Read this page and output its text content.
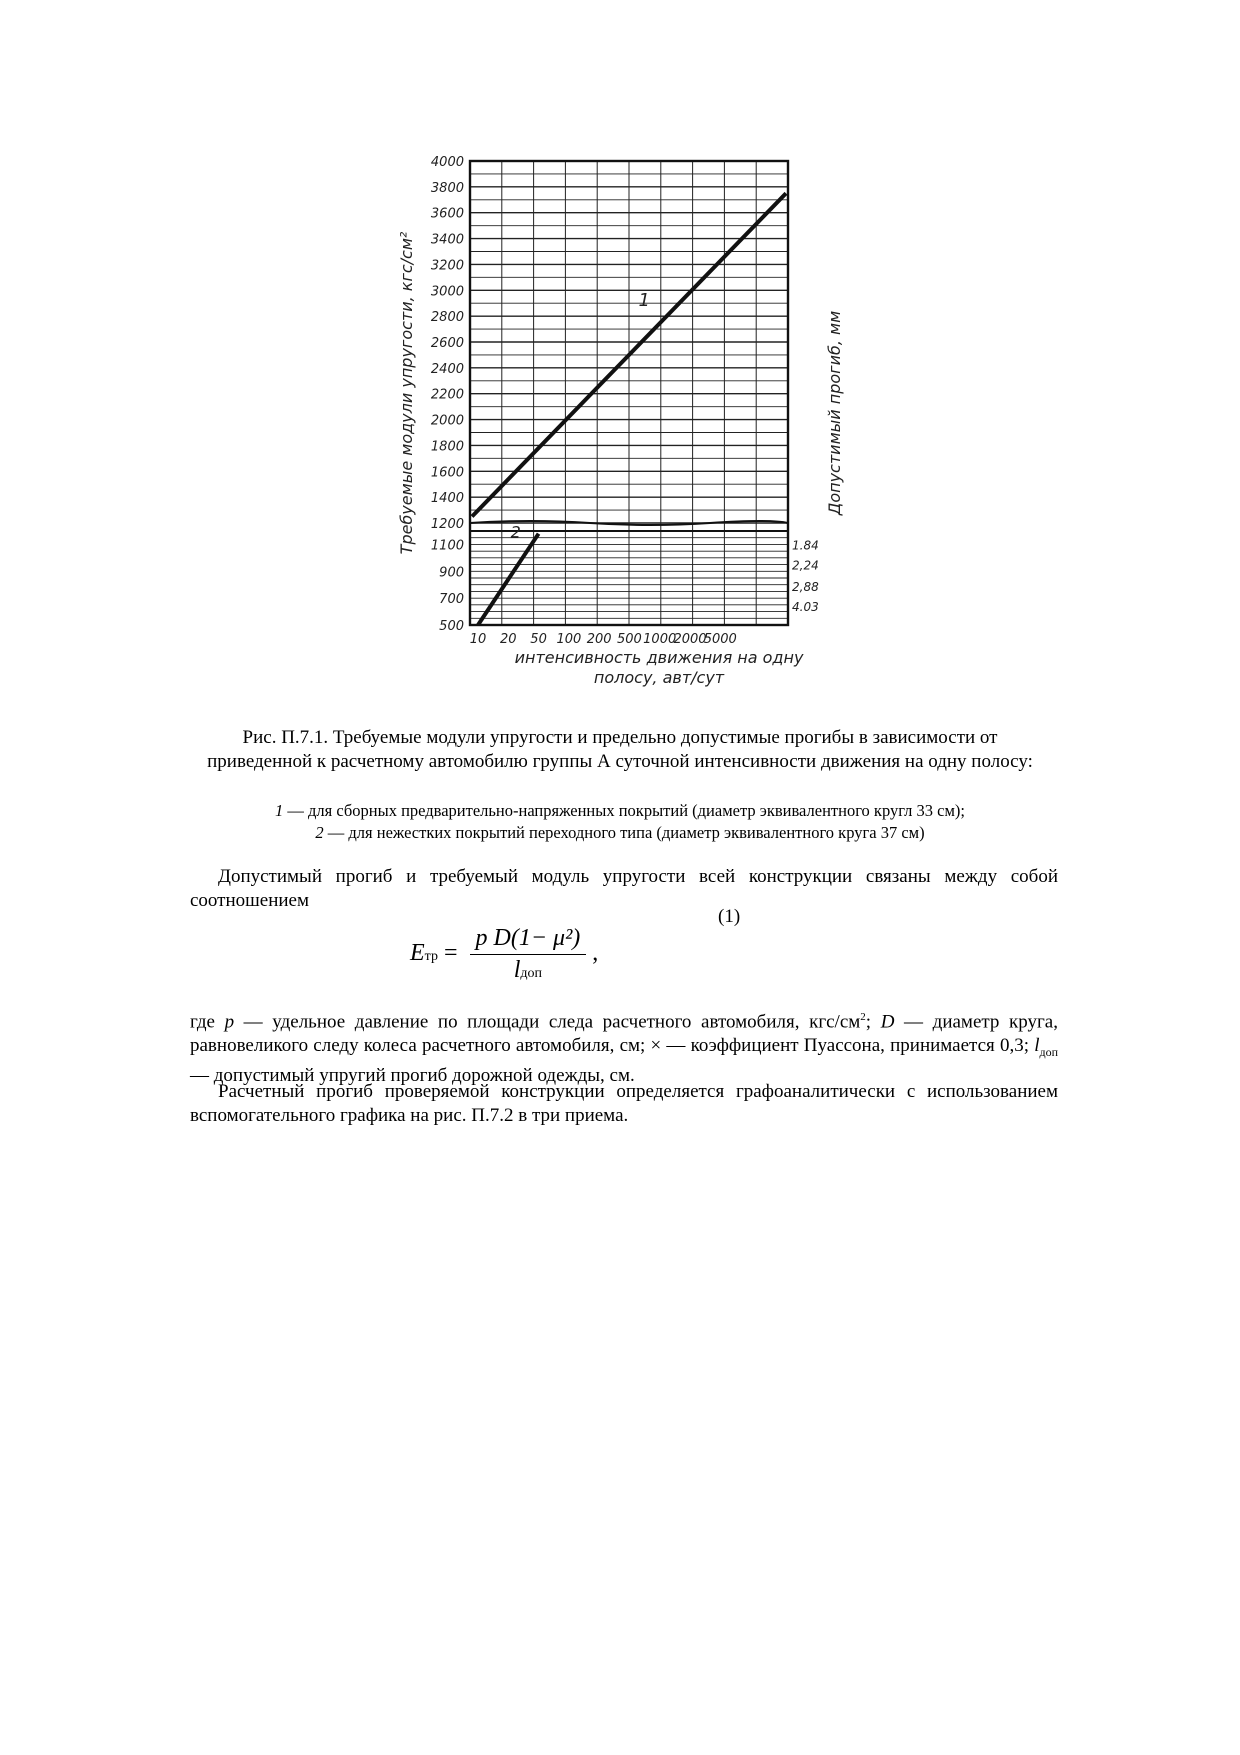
4000
3800
3600
3400
3200
3000
2800
2600
2400
2200
2000
1800
1600
1400
1200
1100
900
700
500
1.84
2,24
2,88
4.03
10 20 50 100 200 500 1000
2000
5000
интенсивность движения на одну
полосу, авт/сут
Требуемые модули упругости, кгс/см²	Допустимый прогиб, мм
1
2
Рис. П.7.1. Требуемые модули упругости и предельно допустимые прогибы в зависимости от приведенной к расчетному автомобилю группы А суточной интенсивности движения на одну полосу:
1 — для сборных предварительно-напряженных покрытий (диаметр эквивалентного кругл 33 см);
2 — для нежестких покрытий переходного типа (диаметр эквивалентного круга 37 см)
Допустимый прогиб и требуемый модуль упругости всей конструкции связаны между собой соотношением
(1)
Eтр = $\frac{\text{p D(1− μ²)}}{\text{lдоп}}$ ,
где p — удельное давление по площади следа расчетного автомобиля, кгс/$см^2$; D — диаметр круга, равновеликого следу колеса расчетного автомобиля, см; × — коэффициент Пуассона, принимается 0,3; $l_{доп}$ — допустимый упругий прогиб дорожной одежды, см.
Расчетный прогиб проверяемой конструкции определяется графоаналитически с использованием вспомогательного графика на рис. П.7.2 в три приема.
